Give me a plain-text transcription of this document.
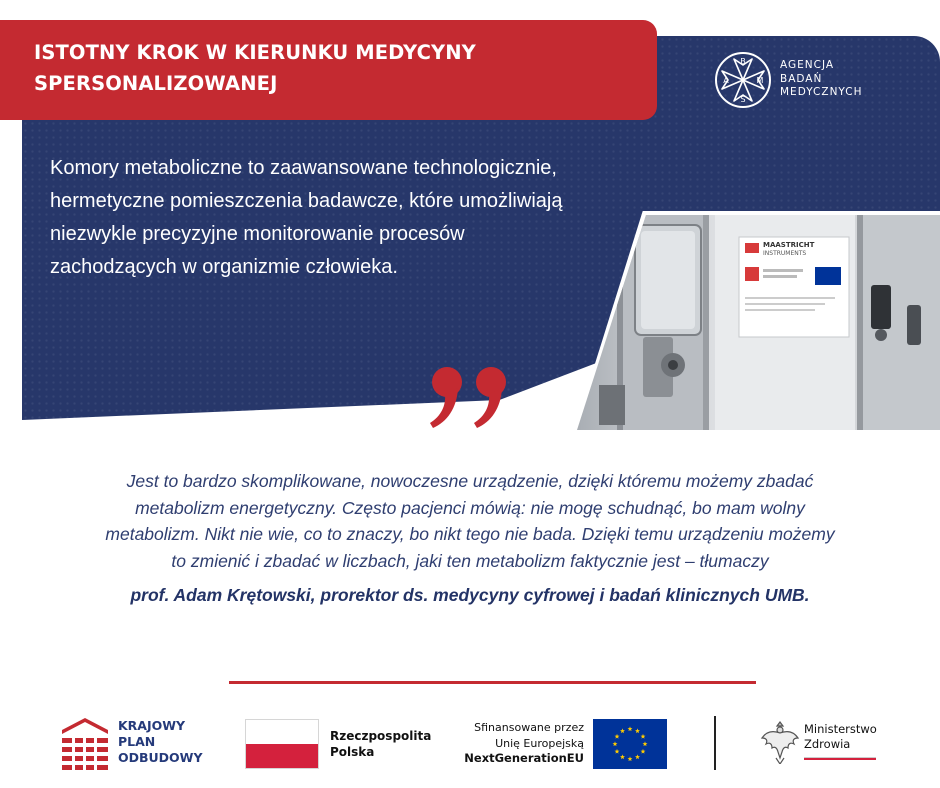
ISTOTNY KROK W KIERUNKU MEDYCYNY
SPERSONALIZOWANEJ
B
A	M
S
AGENCJA
BADAŃ
MEDYCZNYCH

Komory metaboliczne to zaawansowane technologicznie,
hermetyczne pomieszczenia badawcze, które umożliwiają
niezwykle precyzyjne monitorowanie procesów
zachodzących w organizmie człowieka.

MAASTRICHT
INSTRUMENTS
Jest to bardzo skomplikowane, nowoczesne urządzenie, dzięki któremu możemy zbadać
metabolizm energetyczny. Często pacjenci mówią: nie mogę schudnąć, bo mam wolny
metabolizm. Nikt nie wie, co to znaczy, bo nikt tego nie bada. Dzięki temu urządzeniu możemy
to zmienić i zbadać w liczbach, jaki ten metabolizm faktycznie jest – tłumaczy
prof. Adam Krętowski, prorektor ds. medycyny cyfrowej i badań klinicznych UMB.
KRAJOWY
PLAN
ODBUDOWY
Rzeczpospolita
Polska
Sfinansowane przez
Unię Europejską
NextGenerationEU
Ministerstwo
Zdrowia
